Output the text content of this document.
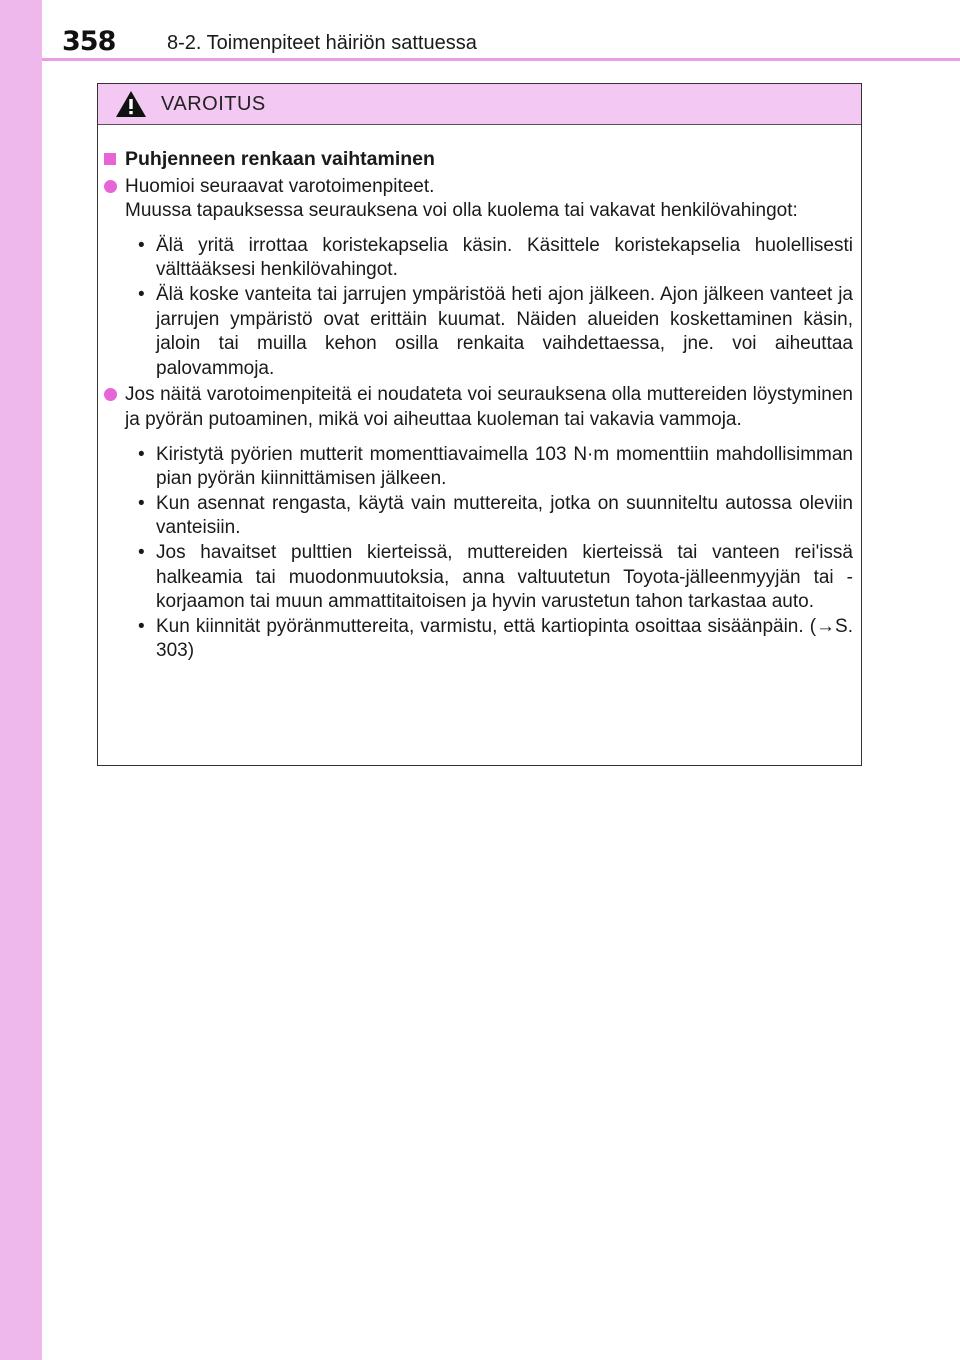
358	8-2. Toimenpiteet häiriön sattuessa
VAROITUS
Puhjenneen renkaan vaihtaminen
Huomioi seuraavat varotoimenpiteet.
Muussa tapauksessa seurauksena voi olla kuolema tai vakavat henkilövahingot:
• Älä yritä irrottaa koristekapselia käsin. Käsittele koristekapselia huolellisesti välttääksesi henkilövahingot.
• Älä koske vanteita tai jarrujen ympäristöä heti ajon jälkeen. Ajon jälkeen vanteet ja jarrujen ympäristö ovat erittäin kuumat. Näiden alueiden koskettaminen käsin, jaloin tai muilla kehon osilla renkaita vaihdettaessa, jne. voi aiheuttaa palovammoja.
Jos näitä varotoimenpiteitä ei noudateta voi seurauksena olla muttereiden löystyminen ja pyörän putoaminen, mikä voi aiheuttaa kuoleman tai vakavia vammoja.
• Kiristytä pyörien mutterit momenttiavaimella 103 N·m momenttiin mahdollisimman pian pyörän kiinnittämisen jälkeen.
• Kun asennat rengasta, käytä vain muttereita, jotka on suunniteltu autossa oleviin vanteisiin.
• Jos havaitset pulttien kierteissä, muttereiden kierteissä tai vanteen rei'issä halkeamia tai muodonmuutoksia, anna valtuutetun Toyota-jälleenmyyjän tai -korjaamon tai muun ammattitaitoisen ja hyvin varustetun tahon tarkastaa auto.
• Kun kiinnität pyöränmuttereita, varmistu, että kartiopinta osoittaa sisäänpäin. (→S. 303)
